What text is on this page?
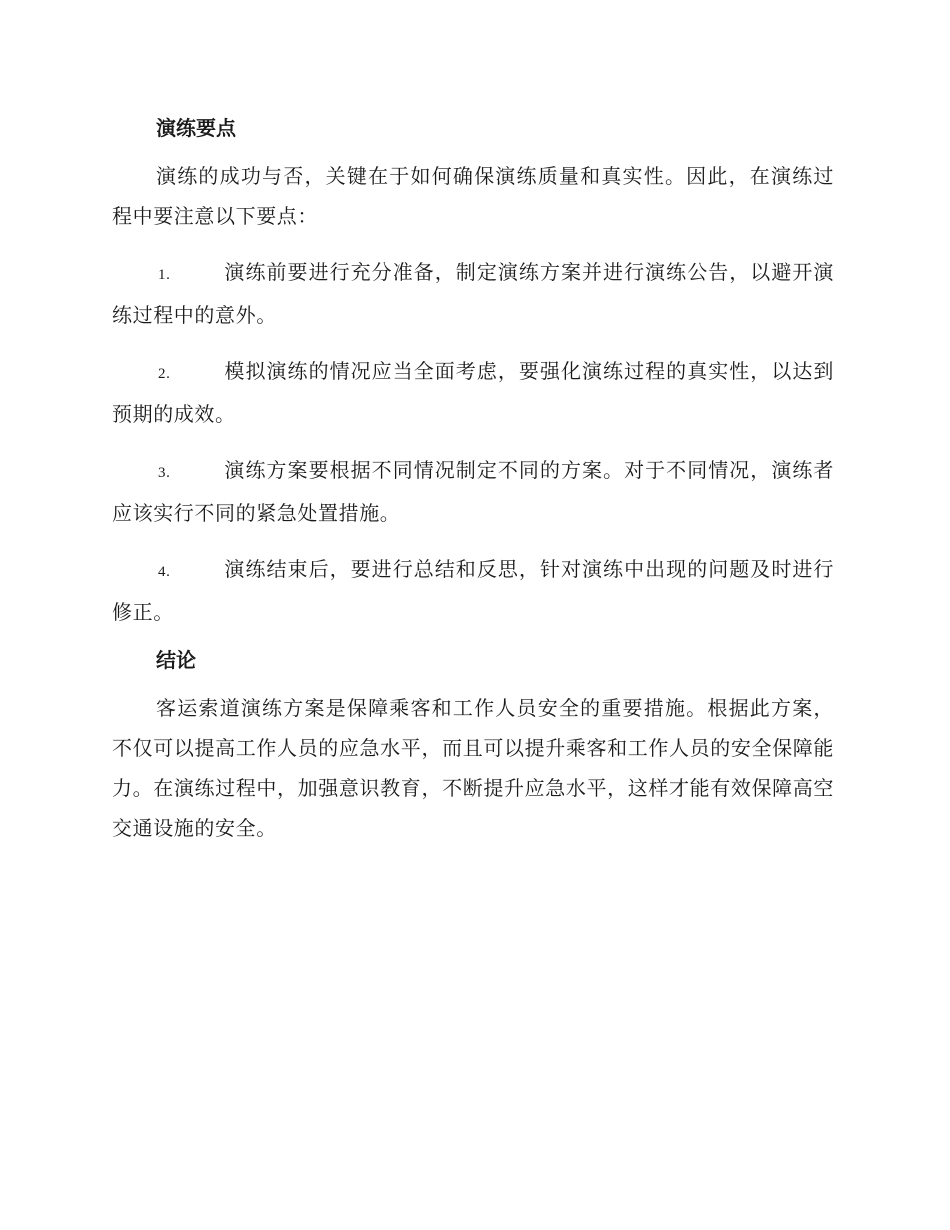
演练要点

演练的成功与否，关键在于如何确保演练质量和真实性。因此，在演练过程中要注意以下要点：

1.	演练前要进行充分准备，制定演练方案并进行演练公告，以避开演练过程中的意外。

2.	模拟演练的情况应当全面考虑，要强化演练过程的真实性，以达到预期的成效。

3.	演练方案要根据不同情况制定不同的方案。对于不同情况，演练者应该实行不同的紧急处置措施。

4.	演练结束后，要进行总结和反思，针对演练中出现的问题及时进行修正。

结论

客运索道演练方案是保障乘客和工作人员安全的重要措施。根据此方案，不仅可以提高工作人员的应急水平，而且可以提升乘客和工作人员的安全保障能力。在演练过程中，加强意识教育，不断提升应急水平，这样才能有效保障高空交通设施的安全。
